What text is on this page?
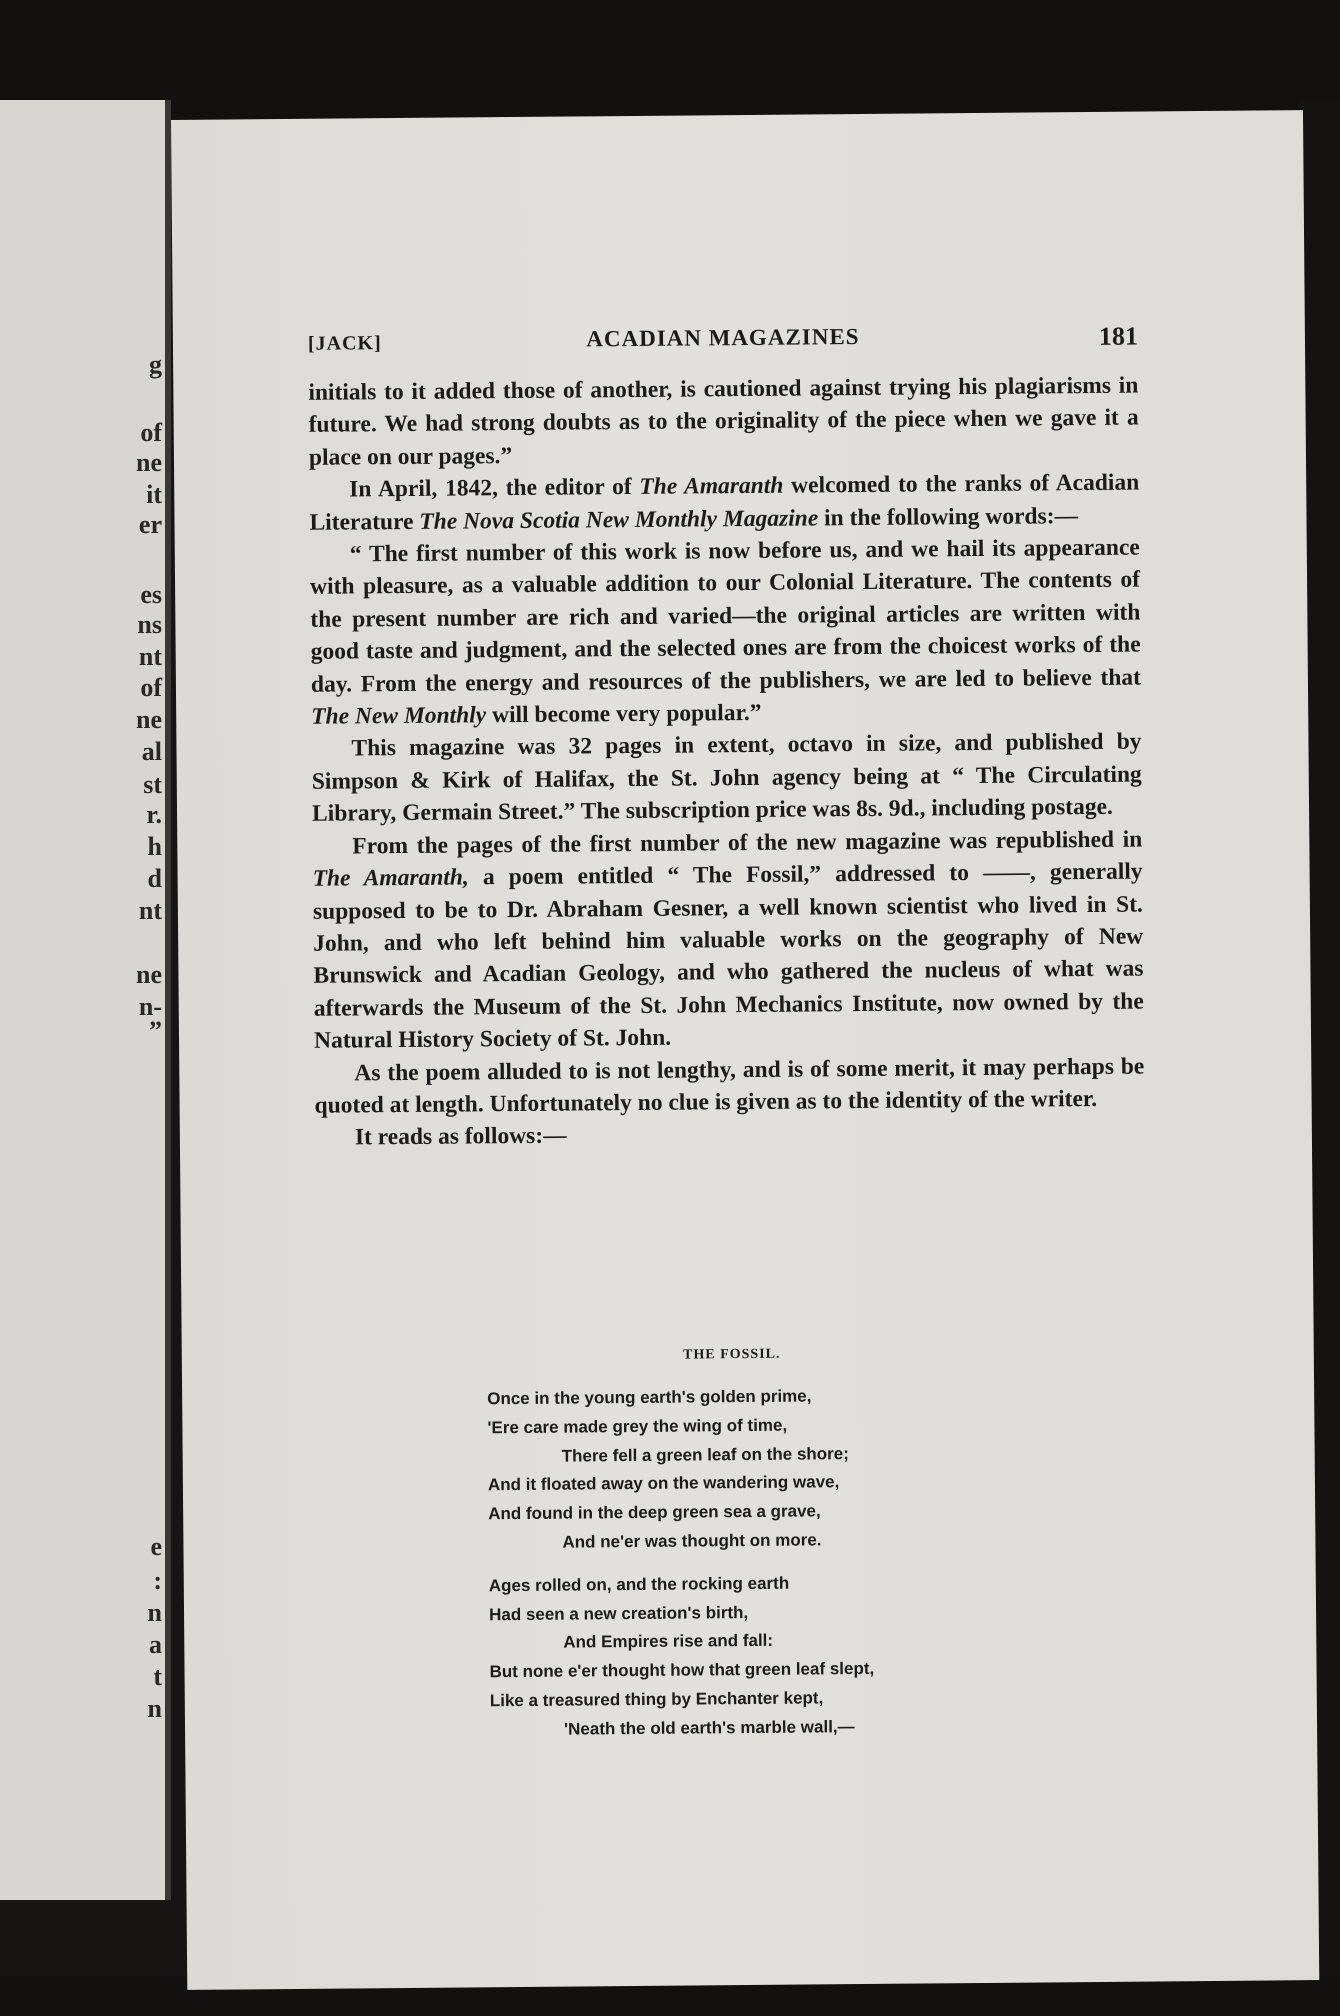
g
of
ne
it
er
es
ns
nt
of
ne
al
st
r.
h
d
nt
ne
n-
”
e
:
n
a
t
n
[JACK]	ACADIAN MAGAZINES	181

initials to it added those of another, is cautioned against trying his plagiarisms in future. We had strong doubts as to the originality of the piece when we gave it a place on our pages.”

In April, 1842, the editor of The Amaranth welcomed to the ranks of Acadian Literature The Nova Scotia New Monthly Magazine in the following words:—

“ The first number of this work is now before us, and we hail its appearance with pleasure, as a valuable addition to our Colonial Literature. The contents of the present number are rich and varied—the original articles are written with good taste and judgment, and the selected ones are from the choicest works of the day. From the energy and resources of the publishers, we are led to believe that The New Monthly will become very popular.”

This magazine was 32 pages in extent, octavo in size, and published by Simpson & Kirk of Halifax, the St. John agency being at “ The Circulating Library, Germain Street.” The subscription price was 8s. 9d., including postage.

From the pages of the first number of the new magazine was republished in The Amaranth, a poem entitled “ The Fossil,” addressed to ——, generally supposed to be to Dr. Abraham Gesner, a well known scientist who lived in St. John, and who left behind him valuable works on the geography of New Brunswick and Acadian Geology, and who gathered the nucleus of what was afterwards the Museum of the St. John Mechanics Institute, now owned by the Natural History Society of St. John.

As the poem alluded to is not lengthy, and is of some merit, it may perhaps be quoted at length. Unfortunately no clue is given as to the identity of the writer.

It reads as follows:—

THE FOSSIL.
Once in the young earth's golden prime,
'Ere care made grey the wing of time,
There fell a green leaf on the shore;
And it floated away on the wandering wave,
And found in the deep green sea a grave,
And ne'er was thought on more.
Ages rolled on, and the rocking earth
Had seen a new creation's birth,
And Empires rise and fall:
But none e'er thought how that green leaf slept,
Like a treasured thing by Enchanter kept,
'Neath the old earth's marble wall,—
